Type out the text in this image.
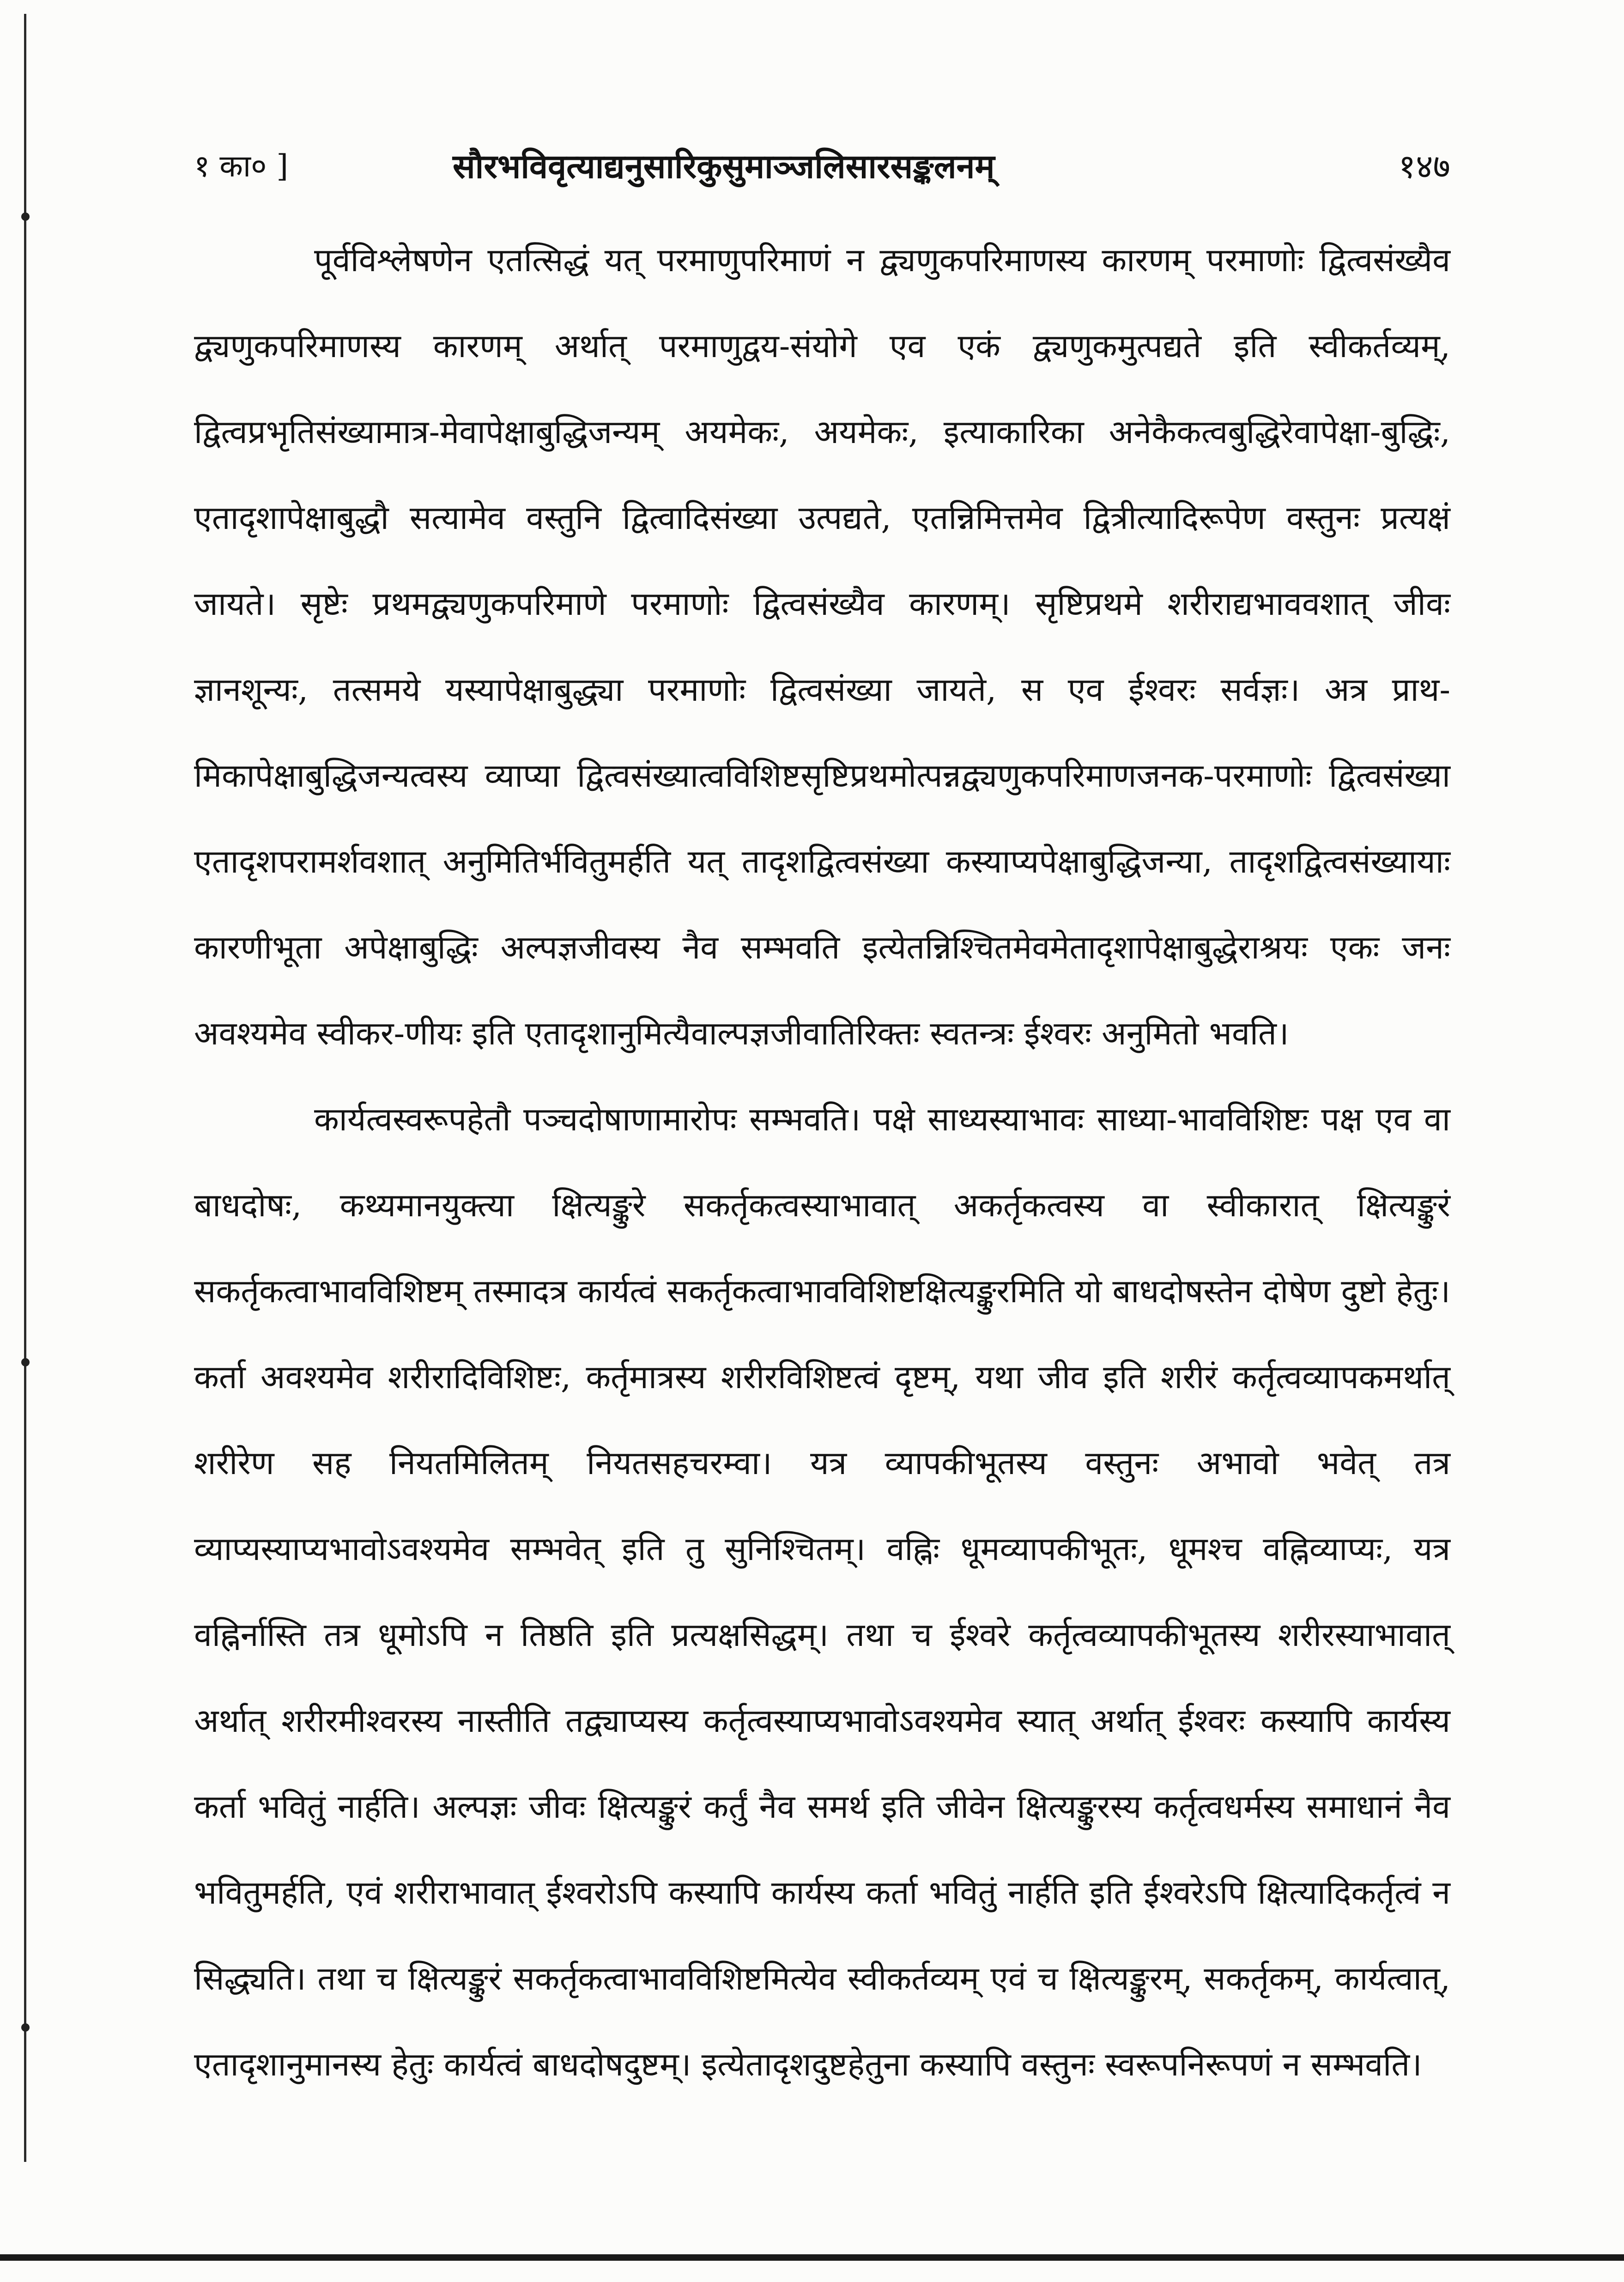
१ का० ]	सौरभविवृत्याद्यनुसारिकुसुमाञ्जलिसारसङ्कलनम्	१४७

पूर्वविश्लेषणेन एतत्सिद्धं यत् परमाणुपरिमाणं न द्व्यणुकपरिमाणस्य कारणम् परमाणोः द्वित्वसंख्यैव द्व्यणुकपरिमाणस्य कारणम् अर्थात् परमाणुद्वय-संयोगे एव एकं द्व्यणुकमुत्पद्यते इति स्वीकर्तव्यम्, द्वित्वप्रभृतिसंख्यामात्र-मेवापेक्षाबुद्धिजन्यम् अयमेकः, अयमेकः, इत्याकारिका अनेकैकत्वबुद्धिरेवापेक्षा-बुद्धिः, एतादृशापेक्षाबुद्धौ सत्यामेव वस्तुनि द्वित्वादिसंख्या उत्पद्यते, एतन्निमित्तमेव द्वित्रीत्यादिरूपेण वस्तुनः प्रत्यक्षं जायते। सृष्टेः प्रथमद्व्यणुकपरिमाणे परमाणोः द्वित्वसंख्यैव कारणम्। सृष्टिप्रथमे शरीराद्यभाववशात् जीवः ज्ञानशून्यः, तत्समये यस्यापेक्षाबुद्ध्या परमाणोः द्वित्वसंख्या जायते, स एव ईश्वरः सर्वज्ञः। अत्र प्राथ-मिकापेक्षाबुद्धिजन्यत्वस्य व्याप्या द्वित्वसंख्यात्वविशिष्टसृष्टिप्रथमोत्पन्नद्व्यणुकपरिमाणजनक-परमाणोः द्वित्वसंख्या एतादृशपरामर्शवशात् अनुमितिर्भवितुमर्हति यत् तादृशद्वित्वसंख्या कस्याप्यपेक्षाबुद्धिजन्या, तादृशद्वित्वसंख्यायाः कारणीभूता अपेक्षाबुद्धिः अल्पज्ञजीवस्य नैव सम्भवति इत्येतन्निश्चितमेवमेतादृशापेक्षाबुद्धेराश्रयः एकः जनः अवश्यमेव स्वीकर-णीयः इति एतादृशानुमित्यैवाल्पज्ञजीवातिरिक्तः स्वतन्त्रः ईश्वरः अनुमितो भवति।

कार्यत्वस्वरूपहेतौ पञ्चदोषाणामारोपः सम्भवति। पक्षे साध्यस्याभावः साध्या-भावविशिष्टः पक्ष एव वा बाधदोषः, कथ्यमानयुक्त्या क्षित्यङ्कुरे सकर्तृकत्वस्याभावात् अकर्तृकत्वस्य वा स्वीकारात् क्षित्यङ्कुरं सकर्तृकत्वाभावविशिष्टम् तस्मादत्र कार्यत्वं सकर्तृकत्वाभावविशिष्टक्षित्यङ्कुरमिति यो बाधदोषस्तेन दोषेण दुष्टो हेतुः। कर्ता अवश्यमेव शरीरादिविशिष्टः, कर्तृमात्रस्य शरीरविशिष्टत्वं दृष्टम्, यथा जीव इति शरीरं कर्तृत्वव्यापकमर्थात् शरीरेण सह नियतमिलितम् नियतसहचरम्वा। यत्र व्यापकीभूतस्य वस्तुनः अभावो भवेत् तत्र व्याप्यस्याप्यभावोऽवश्यमेव सम्भवेत् इति तु सुनिश्चितम्। वह्निः धूमव्यापकीभूतः, धूमश्च वह्निव्याप्यः, यत्र वह्निर्नास्ति तत्र धूमोऽपि न तिष्ठति इति प्रत्यक्षसिद्धम्। तथा च ईश्वरे कर्तृत्वव्यापकीभूतस्य शरीरस्याभावात् अर्थात् शरीरमीश्वरस्य नास्तीति तद्व्याप्यस्य कर्तृत्वस्याप्यभावोऽवश्यमेव स्यात् अर्थात् ईश्वरः कस्यापि कार्यस्य कर्ता भवितुं नार्हति। अल्पज्ञः जीवः क्षित्यङ्कुरं कर्तुं नैव समर्थ इति जीवेन क्षित्यङ्कुरस्य कर्तृत्वधर्मस्य समाधानं नैव भवितुमर्हति, एवं शरीराभावात् ईश्वरोऽपि कस्यापि कार्यस्य कर्ता भवितुं नार्हति इति ईश्वरेऽपि क्षित्यादिकर्तृत्वं न सिद्ध्यति। तथा च क्षित्यङ्कुरं सकर्तृकत्वाभावविशिष्टमित्येव स्वीकर्तव्यम् एवं च क्षित्यङ्कुरम्, सकर्तृकम्, कार्यत्वात्, एतादृशानुमानस्य हेतुः कार्यत्वं बाधदोषदुष्टम्। इत्येतादृशदुष्टहेतुना कस्यापि वस्तुनः स्वरूपनिरूपणं न सम्भवति।
